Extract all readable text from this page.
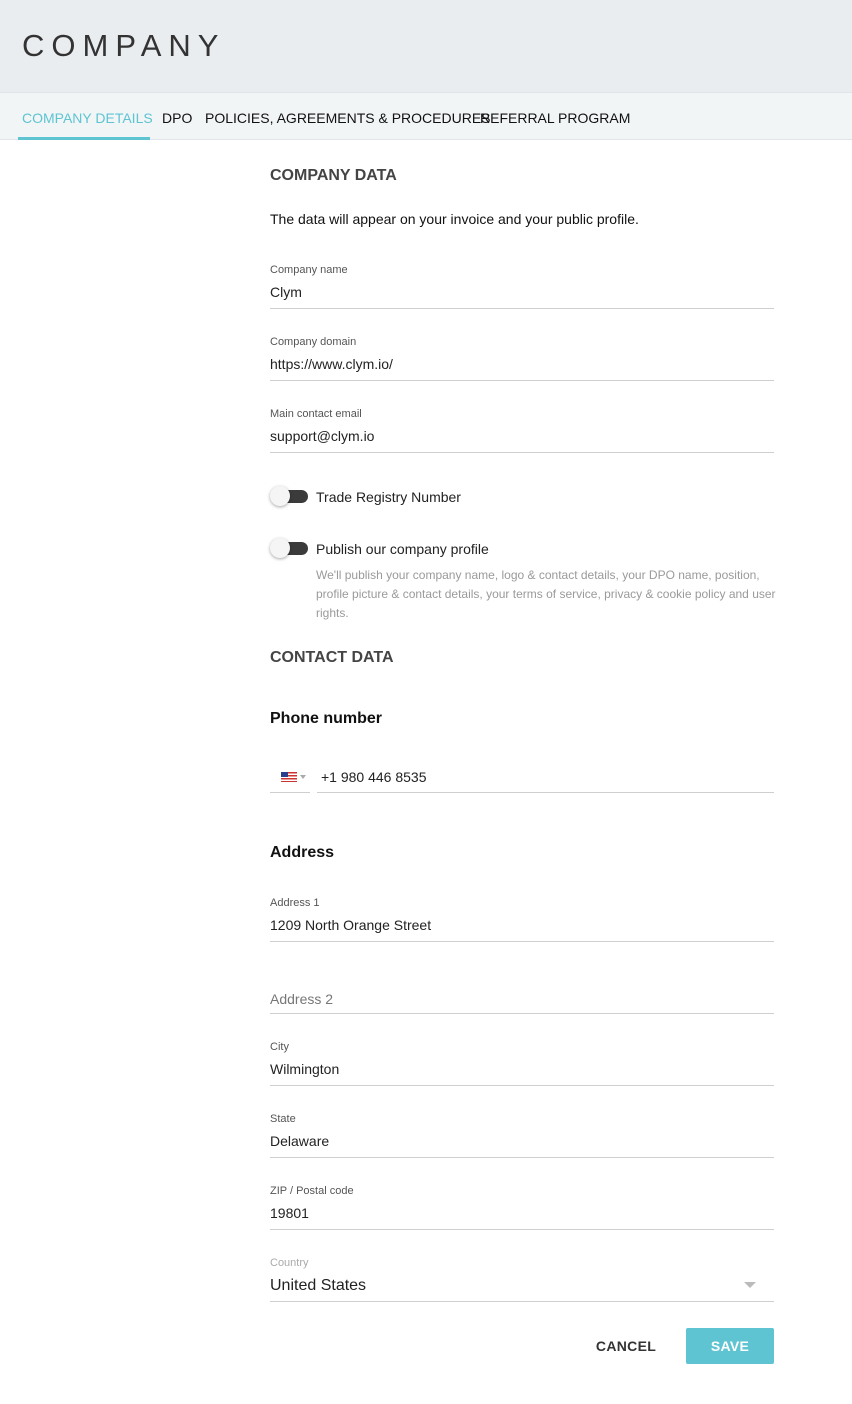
COMPANY
COMPANY DETAILS DPO POLICIES, AGREEMENTS & PROCEDURES
REFERRAL PROGRAM
COMPANY DATA
The data will appear on your invoice and your public profile.
Company name
Clym
Company domain
https://www.clym.io/
Main contact email
support@clym.io
Trade Registry Number
Publish our company profile
We'll publish your company name, logo & contact details, your DPO name, position, profile picture & contact details, your terms of service, privacy & cookie policy and user rights.
CONTACT DATA
Phone number
+1 980 446 8535
Address
Address 1
1209 North Orange Street
Address 2
City
Wilmington
State
Delaware
ZIP / Postal code
19801
Country
United States
CANCEL	SAVE
